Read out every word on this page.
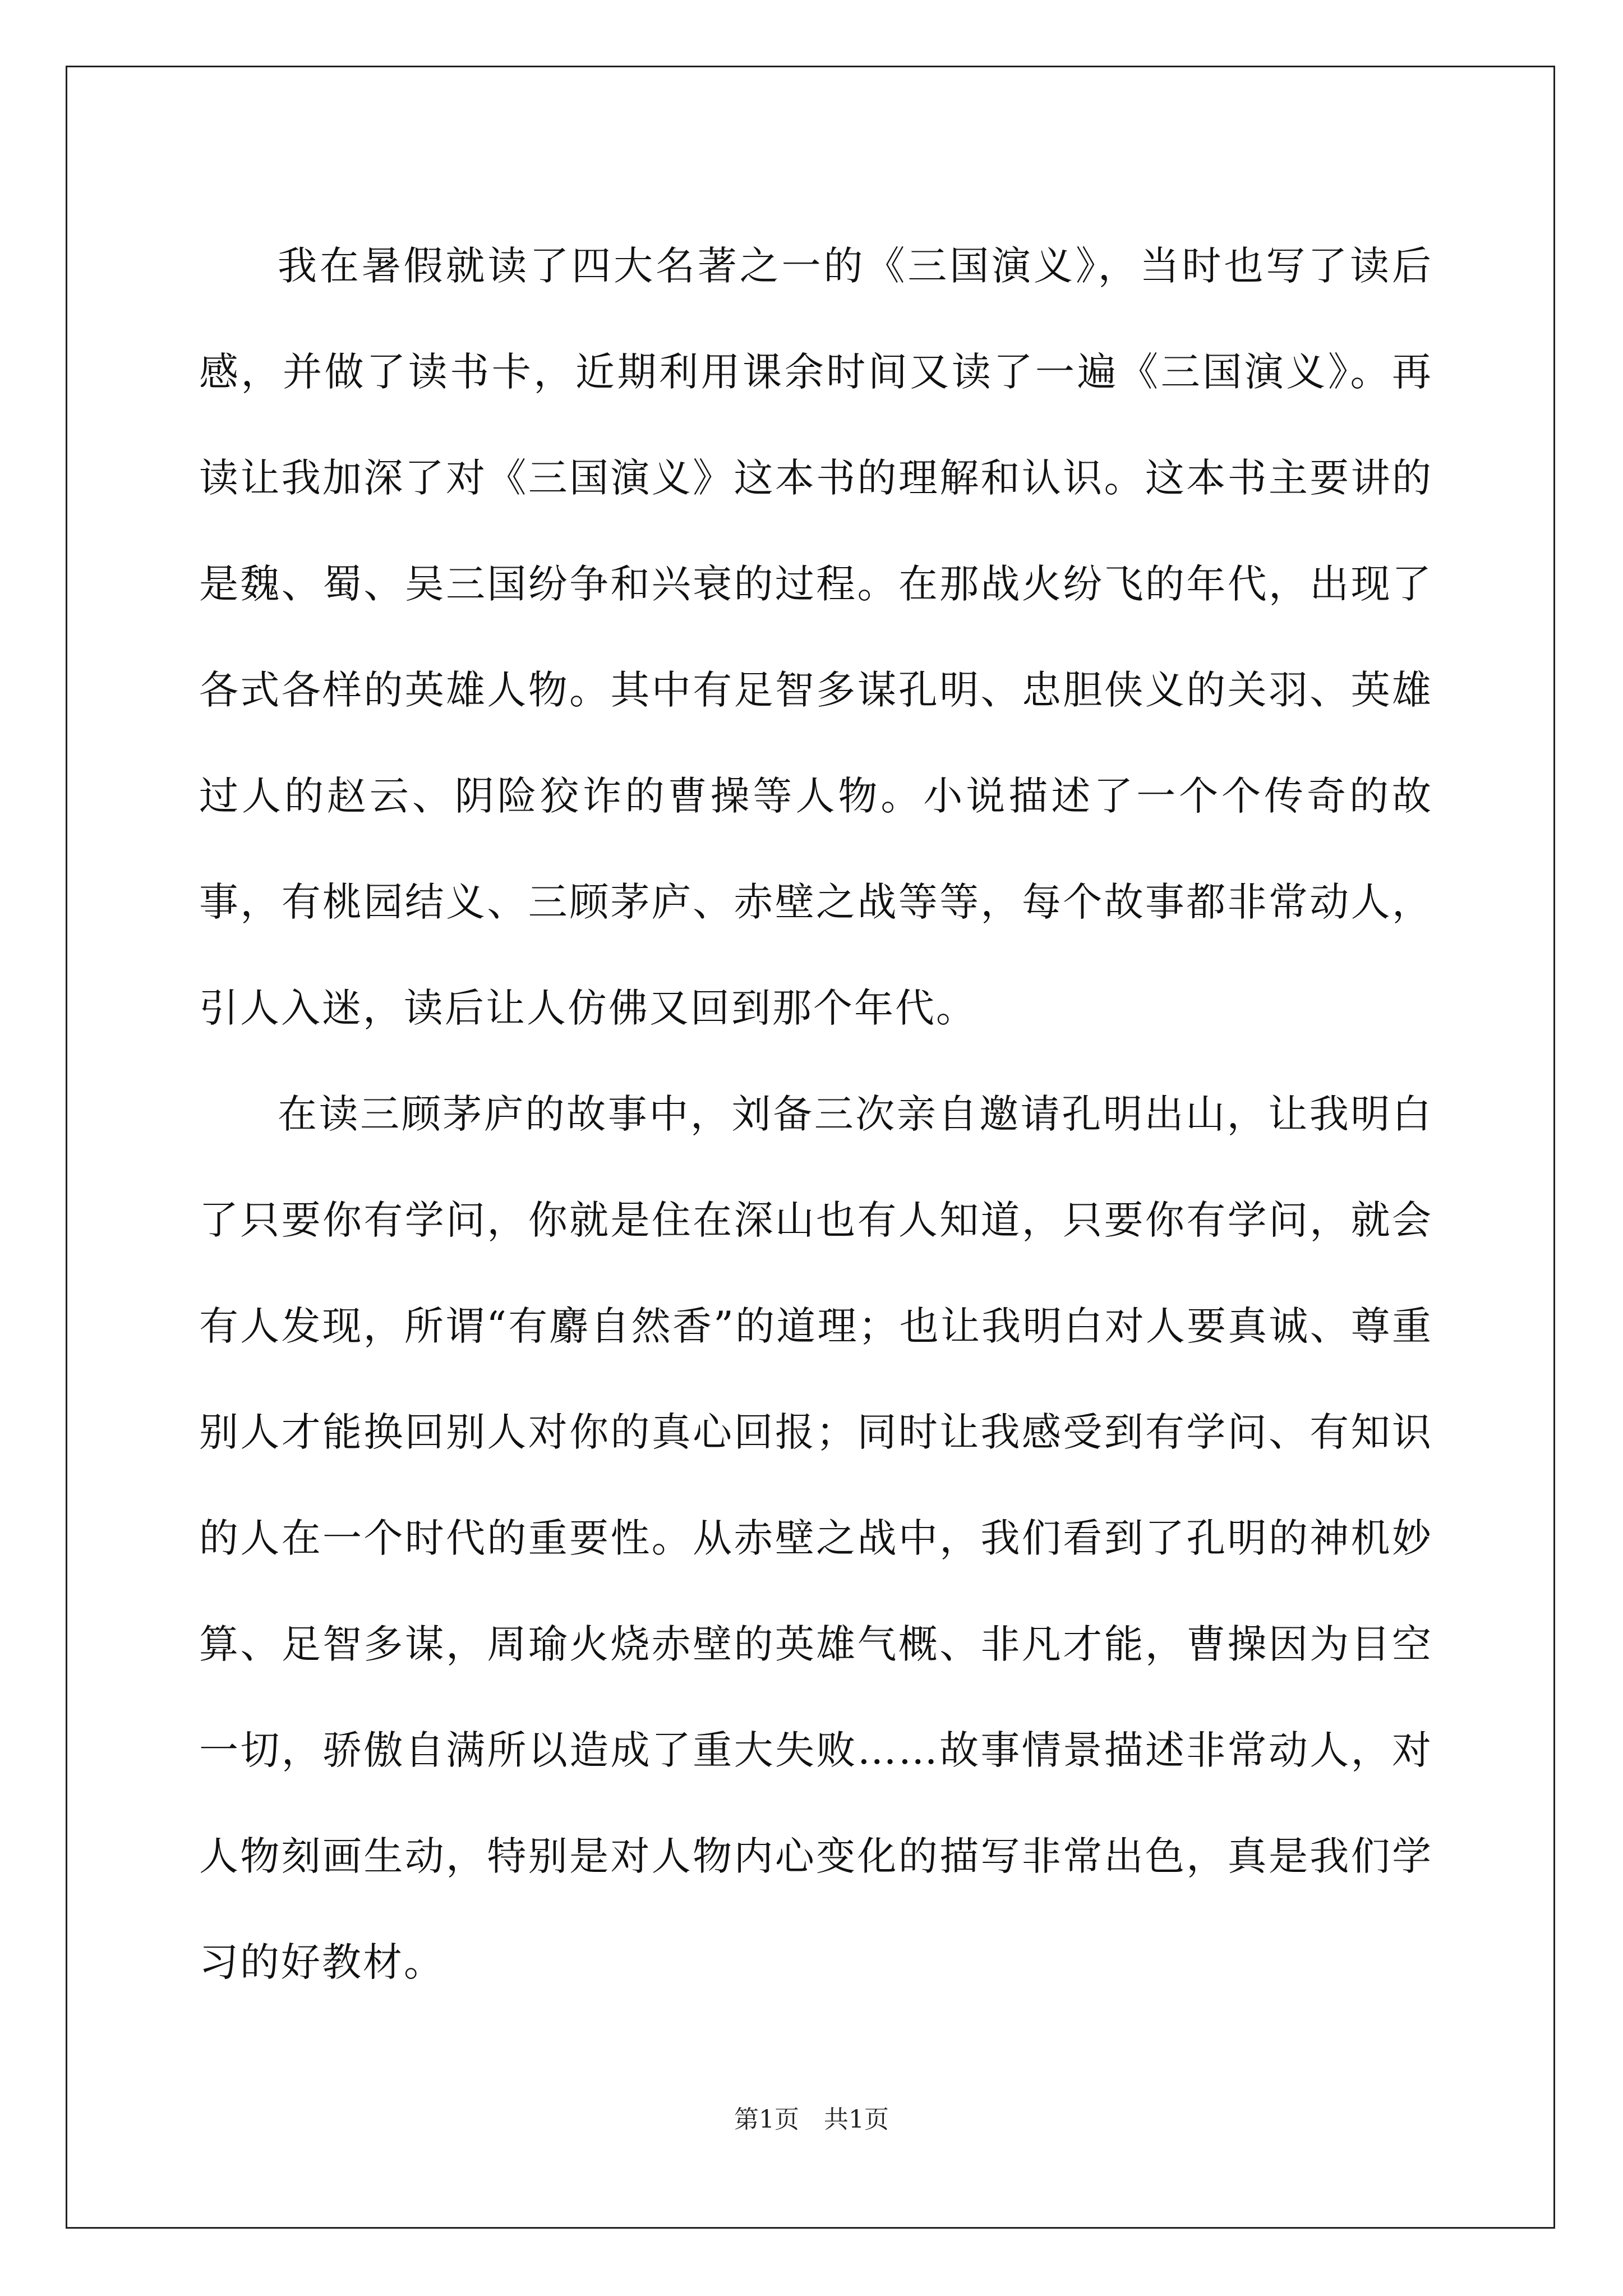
我在暑假就读了四大名著之一的《三国演义》，当时也写了读后感，并做了读书卡，近期利用课余时间又读了一遍《三国演义》。再读让我加深了对《三国演义》这本书的理解和认识。这本书主要讲的是魏、蜀、吴三国纷争和兴衰的过程。在那战火纷飞的年代，出现了各式各样的英雄人物。其中有足智多谋孔明、忠胆侠义的关羽、英雄过人的赵云、阴险狡诈的曹操等人物。小说描述了一个个传奇的故事，有桃园结义、三顾茅庐、赤壁之战等等，每个故事都非常动人，引人入迷，读后让人仿佛又回到那个年代。

在读三顾茅庐的故事中，刘备三次亲自邀请孔明出山，让我明白了只要你有学问，你就是住在深山也有人知道，只要你有学问，就会有人发现，所谓“有麝自然香”的道理；也让我明白对人要真诚、尊重别人才能换回别人对你的真心回报；同时让我感受到有学问、有知识的人在一个时代的重要性。从赤壁之战中，我们看到了孔明的神机妙算、足智多谋，周瑜火烧赤壁的英雄气概、非凡才能，曹操因为目空一切，骄傲自满所以造成了重大失败……故事情景描述非常动人，对人物刻画生动，特别是对人物内心变化的描写非常出色，真是我们学习的好教材。

第1页　共1页
